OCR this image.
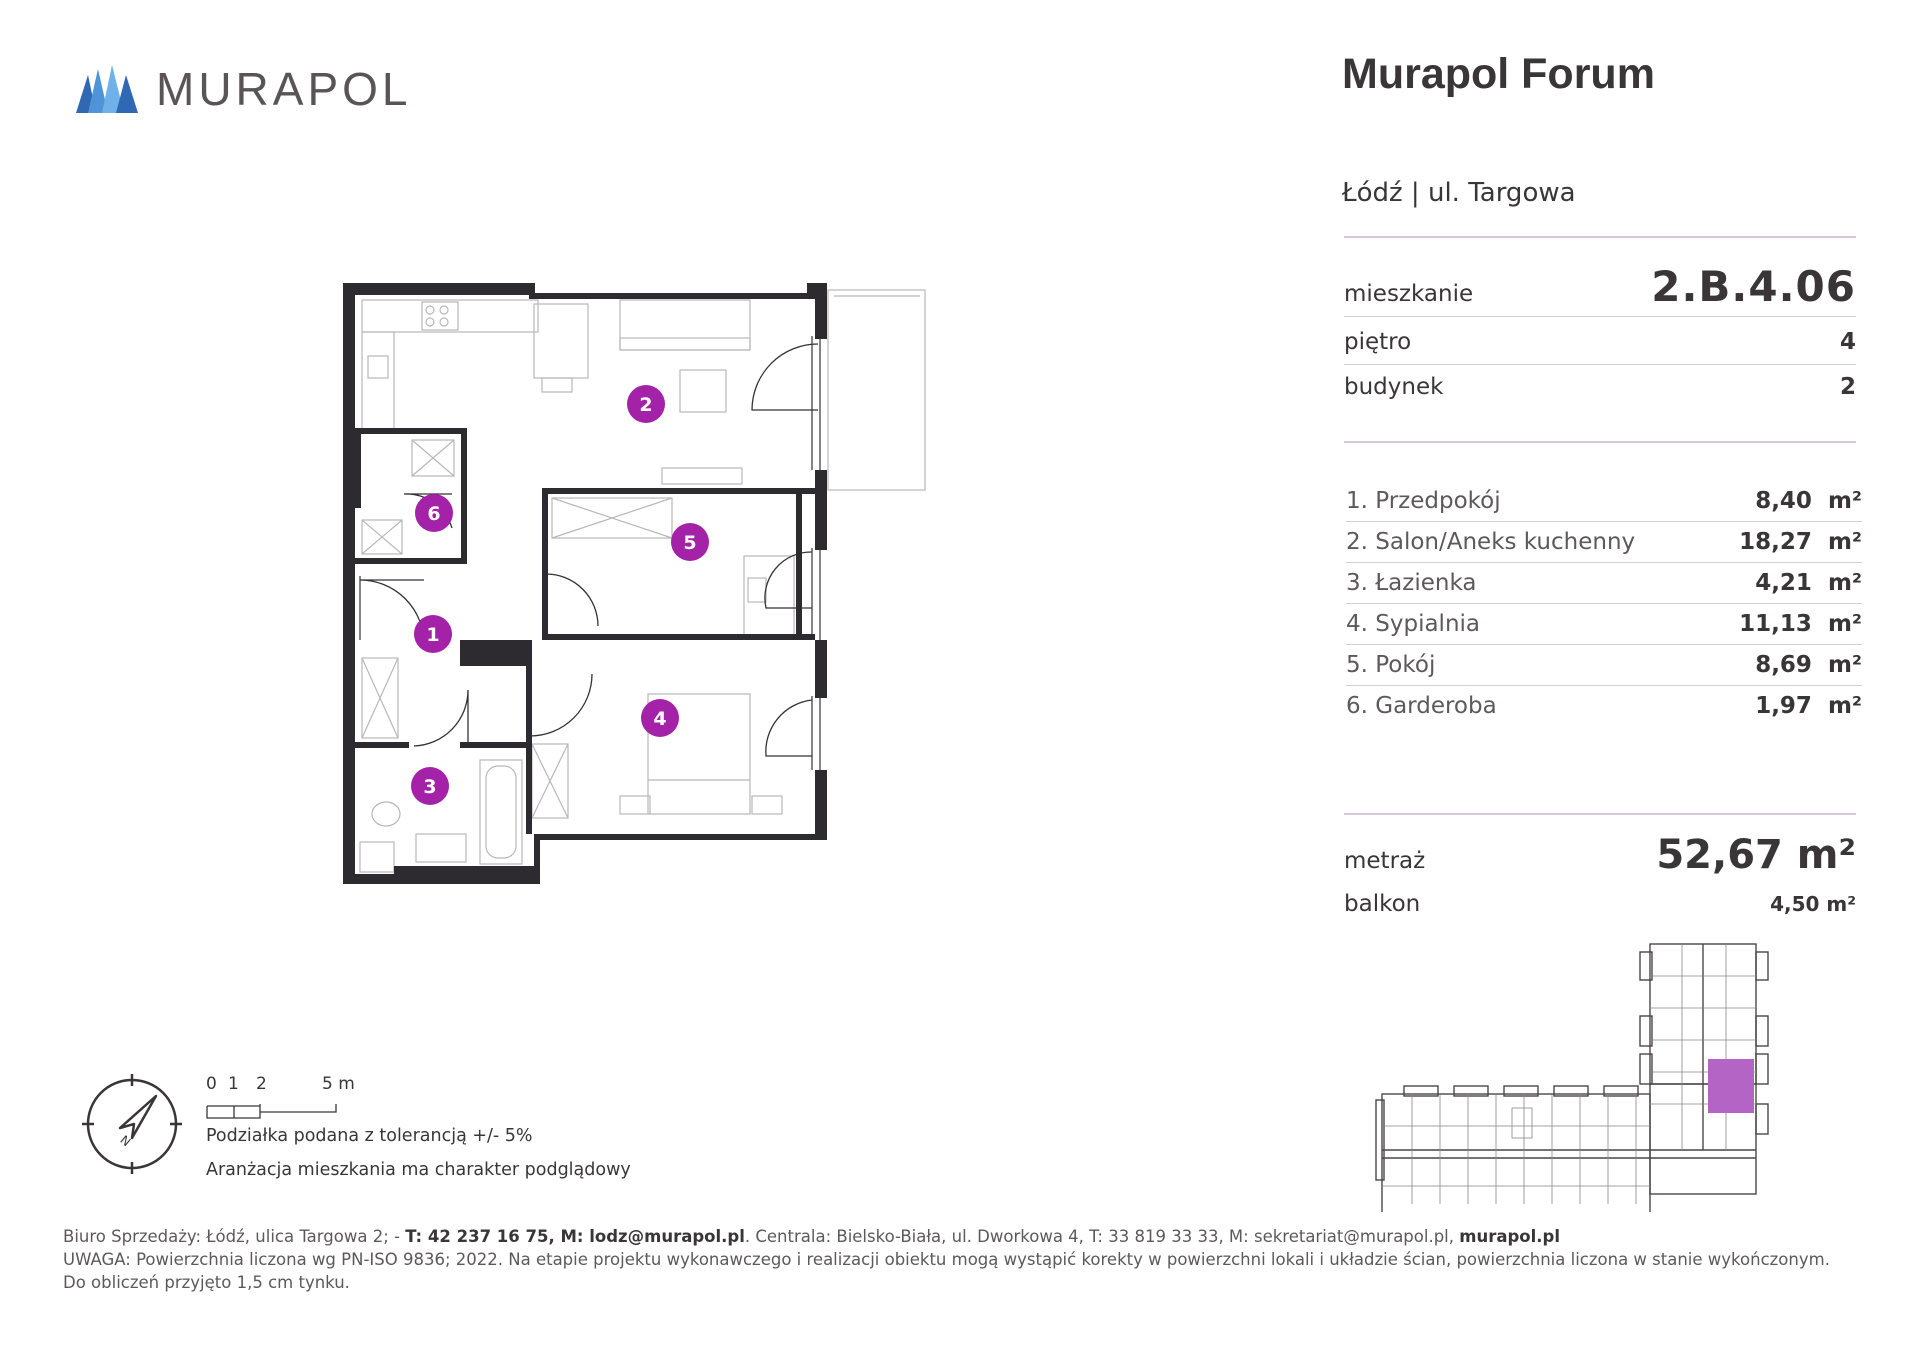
MURAPOL	Murapol Forum
Łódź | ul. Targowa
mieszkanie	2.B.4.06
piętro	4
budynek	2
1. Przedpokój	8,40 m²
2. Salon/Aneks kuchenny	18,27 m²
3. Łazienka	4,21 m²
4. Sypialnia	11,13 m²
5. Pokój	8,69 m²
6. Garderoba	1,97 m²
metraż	52,67 m²
balkon	4,50 m²
1
2
3
4
5
6
N
0 1 2	5 m
Podziałka podana z tolerancją +/- 5%
Aranżacja mieszkania ma charakter podglądowy
Biuro Sprzedaży: Łódź, ulica Targowa 2; - T: 42 237 16 75, M: lodz@murapol.pl. Centrala: Bielsko-Biała, ul. Dworkowa 4, T: 33 819 33 33, M: sekretariat@murapol.pl, murapol.pl
UWAGA: Powierzchnia liczona wg PN-ISO 9836; 2022. Na etapie projektu wykonawczego i realizacji obiektu mogą wystąpić korekty w powierzchni lokali i układzie ścian, powierzchnia liczona w stanie wykończonym.
Do obliczeń przyjęto 1,5 cm tynku.
